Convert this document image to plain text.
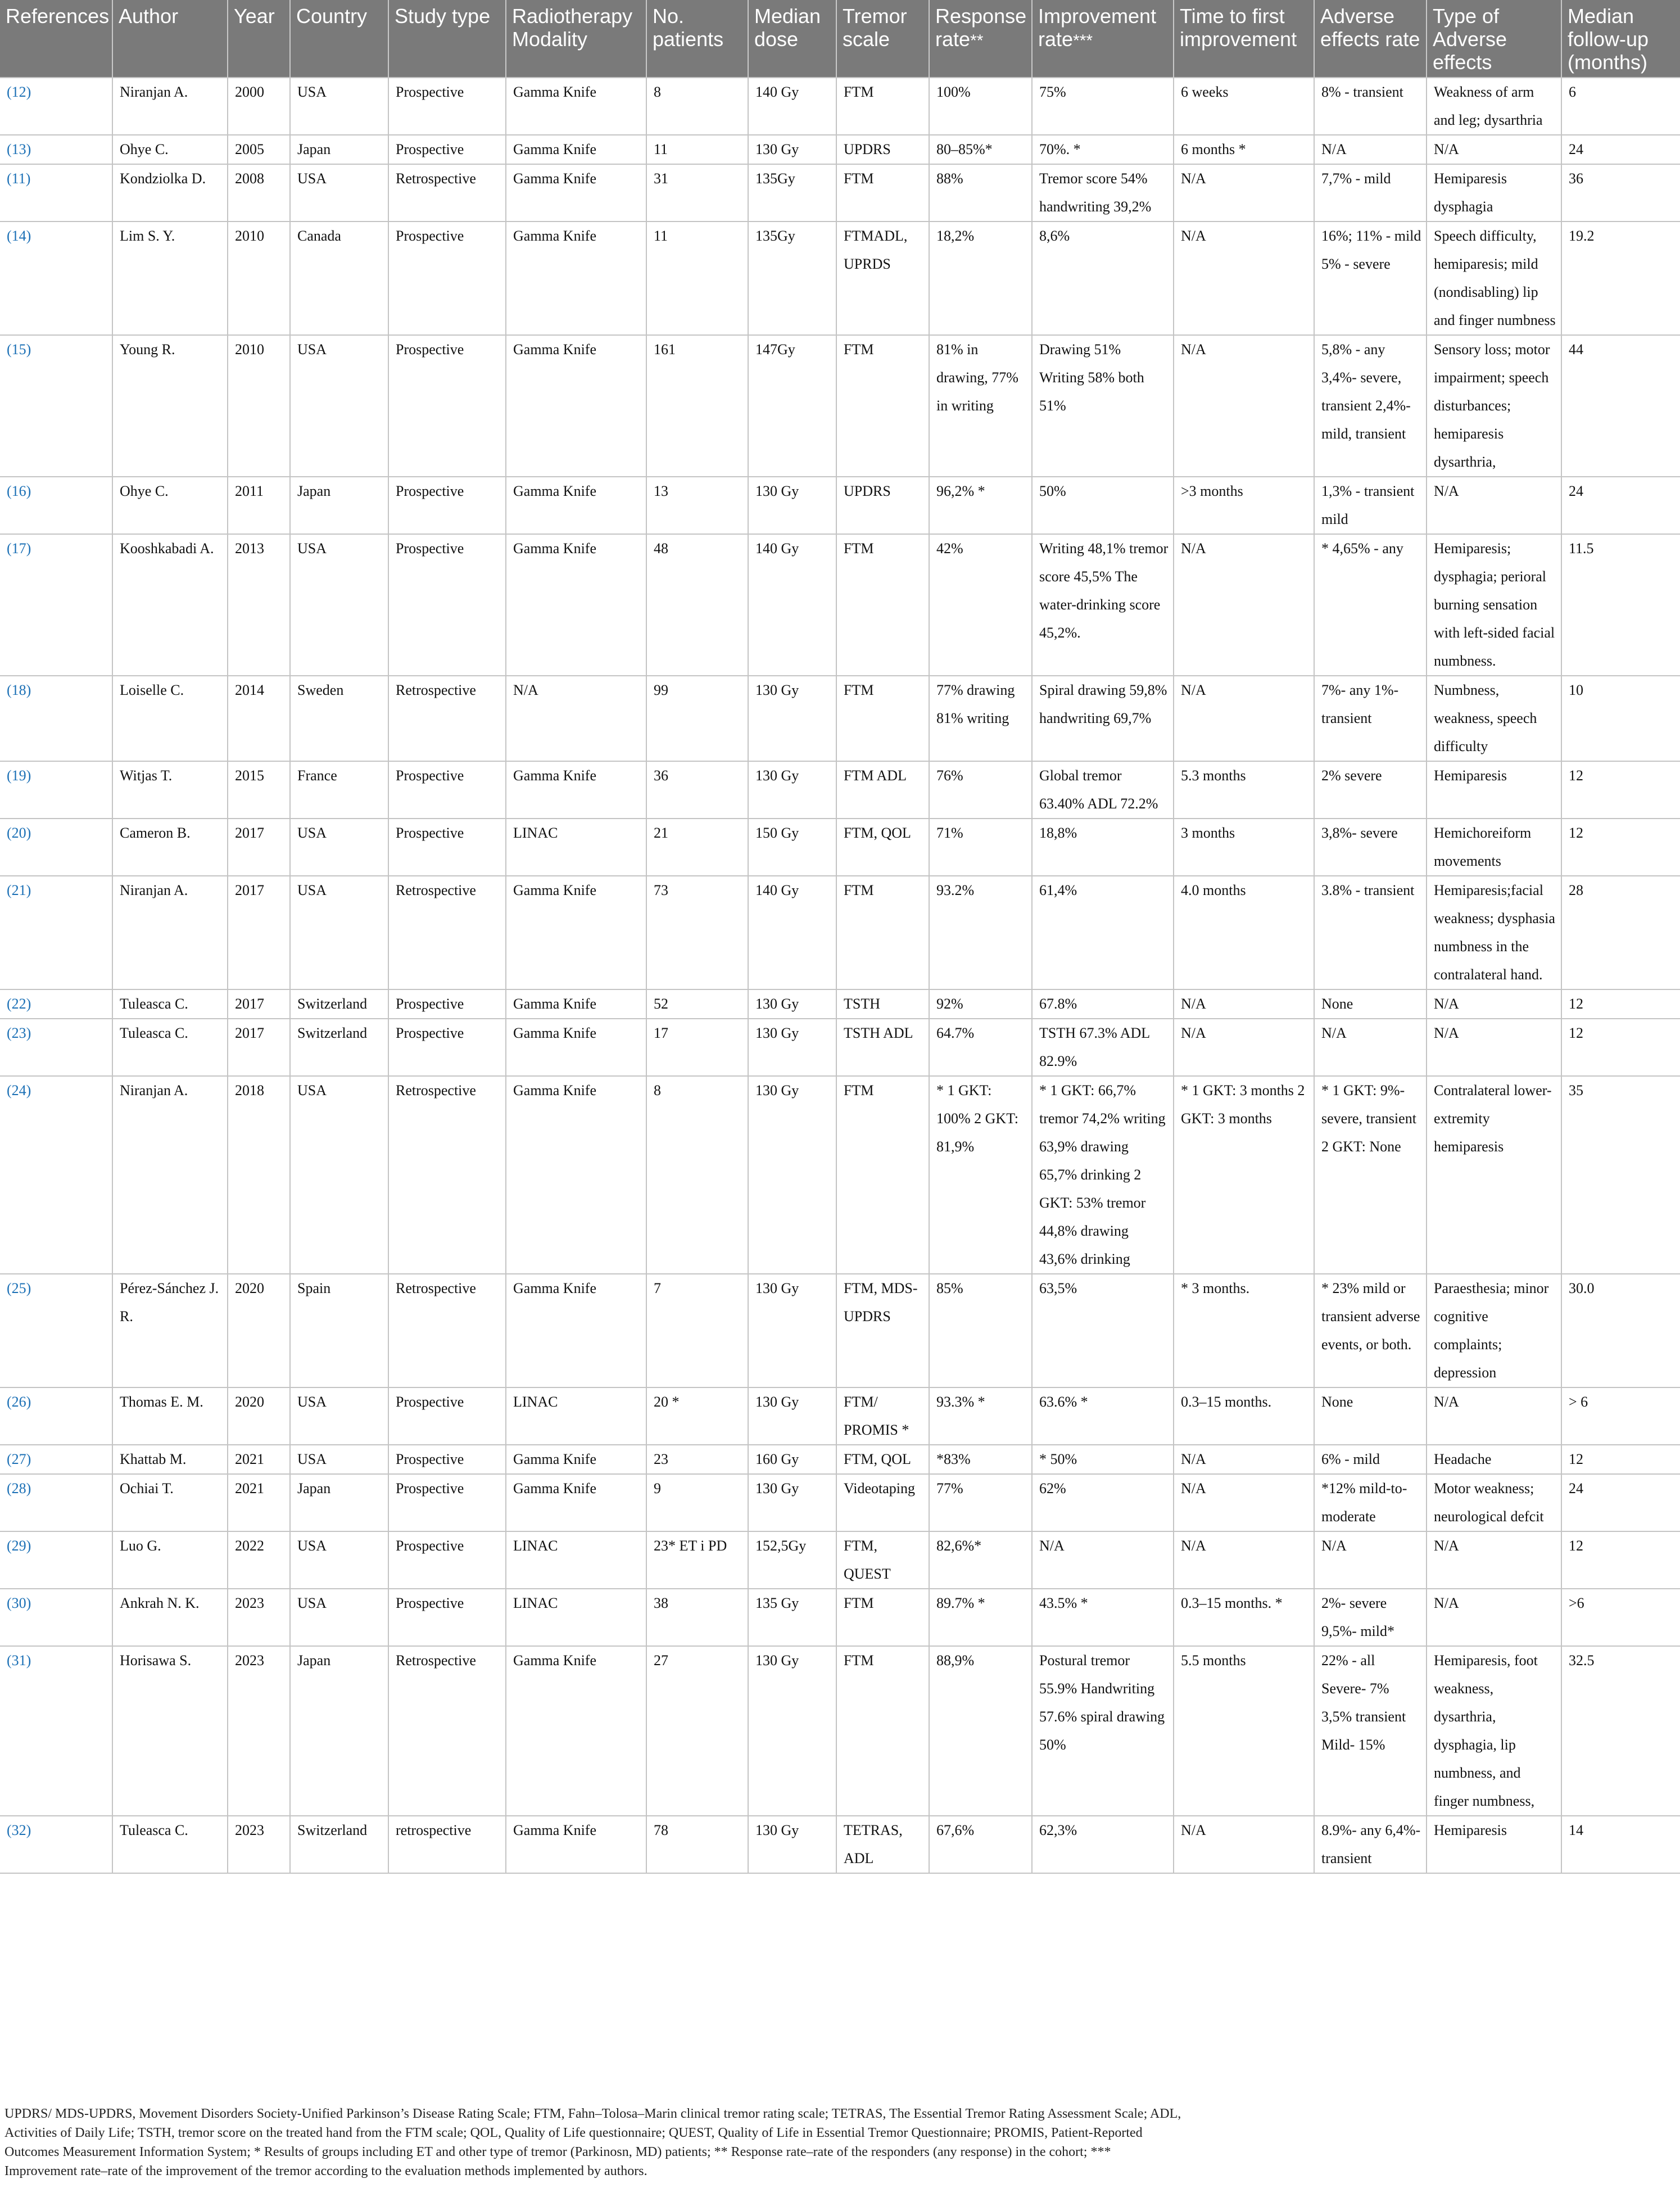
References	Author	Year	Country	Study type	Radiotherapy Modality	No. patients	Median dose	Tremor scale	Response rate**	Improvement rate***	Time to first improvement	Adverse effects rate	Type of Adverse effects	Median follow-up (months)
(12)	Niranjan A.	2000	USA	Prospective	Gamma Knife	8	140 Gy	FTM	100%	75%	6 weeks	8% - transient	Weakness of arm and leg; dysarthria	6
(13)	Ohye C.	2005	Japan	Prospective	Gamma Knife	11	130 Gy	UPDRS	80–85%*	70%. *	6 months *	N/A	N/A	24
(11)	Kondziolka D.	2008	USA	Retrospective	Gamma Knife	31	135Gy	FTM	88%	Tremor score 54% handwriting 39,2%	N/A	7,7% - mild	Hemiparesis dysphagia	36
(14)	Lim S. Y.	2010	Canada	Prospective	Gamma Knife	11	135Gy	FTMADL, UPRDS	18,2%	8,6%	N/A	16%; 11% - mild 5% - severe	Speech difficulty, hemiparesis; mild (nondisabling) lip and finger numbness	19.2
(15)	Young R.	2010	USA	Prospective	Gamma Knife	161	147Gy	FTM	81% in drawing, 77% in writing	Drawing 51% Writing 58% both 51%	N/A	5,8% - any 3,4%- severe, transient 2,4%- mild, transient	Sensory loss; motor impairment; speech disturbances; hemiparesis dysarthria,	44
(16)	Ohye C.	2011	Japan	Prospective	Gamma Knife	13	130 Gy	UPDRS	96,2% *	50%	>3 months	1,3% - transient mild	N/A	24
(17)	Kooshkabadi A.	2013	USA	Prospective	Gamma Knife	48	140 Gy	FTM	42%	Writing 48,1% tremor score 45,5% The water-drinking score 45,2%.	N/A	* 4,65% - any	Hemiparesis; dysphagia; perioral burning sensation with left-sided facial numbness.	11.5
(18)	Loiselle C.	2014	Sweden	Retrospective	N/A	99	130 Gy	FTM	77% drawing 81% writing	Spiral drawing 59,8% handwriting 69,7%	N/A	7%- any 1%- transient	Numbness, weakness, speech difficulty	10
(19)	Witjas T.	2015	France	Prospective	Gamma Knife	36	130 Gy	FTM ADL	76%	Global tremor 63.40% ADL 72.2%	5.3 months	2% severe	Hemiparesis	12
(20)	Cameron B.	2017	USA	Prospective	LINAC	21	150 Gy	FTM, QOL	71%	18,8%	3 months	3,8%- severe	Hemichoreiform movements	12
(21)	Niranjan A.	2017	USA	Retrospective	Gamma Knife	73	140 Gy	FTM	93.2%	61,4%	4.0 months	3.8% - transient	Hemiparesis;facial weakness; dysphasia numbness in the contralateral hand.	28
(22)	Tuleasca C.	2017	Switzerland	Prospective	Gamma Knife	52	130 Gy	TSTH	92%	67.8%	N/A	None	N/A	12
(23)	Tuleasca C.	2017	Switzerland	Prospective	Gamma Knife	17	130 Gy	TSTH ADL	64.7%	TSTH 67.3% ADL 82.9%	N/A	N/A	N/A	12
(24)	Niranjan A.	2018	USA	Retrospective	Gamma Knife	8	130 Gy	FTM	* 1 GKT: 100% 2 GKT: 81,9%	* 1 GKT: 66,7% tremor 74,2% writing 63,9% drawing 65,7% drinking 2 GKT: 53% tremor 44,8% drawing 43,6% drinking	* 1 GKT: 3 months 2 GKT: 3 months	* 1 GKT: 9%- severe, transient 2 GKT: None	Contralateral lower-extremity hemiparesis	35
(25)	Pérez-Sánchez J. R.	2020	Spain	Retrospective	Gamma Knife	7	130 Gy	FTM, MDS-UPDRS	85%	63,5%	* 3 months.	* 23% mild or transient adverse events, or both.	Paraesthesia; minor cognitive complaints; depression	30.0
(26)	Thomas E. M.	2020	USA	Prospective	LINAC	20 *	130 Gy	FTM/ PROMIS *	93.3% *	63.6% *	0.3–15 months.	None	N/A	> 6
(27)	Khattab M.	2021	USA	Prospective	Gamma Knife	23	160 Gy	FTM, QOL	*83%	* 50%	N/A	6% - mild	Headache	12
(28)	Ochiai T.	2021	Japan	Prospective	Gamma Knife	9	130 Gy	Videotaping	77%	62%	N/A	*12% mild-to-moderate	Motor weakness; neurological defcit	24
(29)	Luo G.	2022	USA	Prospective	LINAC	23* ET i PD	152,5Gy	FTM, QUEST	82,6%*	N/A	N/A	N/A	N/A	12
(30)	Ankrah N. K.	2023	USA	Prospective	LINAC	38	135 Gy	FTM	89.7% *	43.5% *	0.3–15 months. *	2%- severe 9,5%- mild*	N/A	>6
(31)	Horisawa S.	2023	Japan	Retrospective	Gamma Knife	27	130 Gy	FTM	88,9%	Postural tremor 55.9% Handwriting 57.6% spiral drawing 50%	5.5 months	22% - all Severe- 7% 3,5% transient Mild- 15%	Hemiparesis, foot weakness, dysarthria, dysphagia, lip numbness, and finger numbness,	32.5
(32)	Tuleasca C.	2023	Switzerland	retrospective	Gamma Knife	78	130 Gy	TETRAS, ADL	67,6%	62,3%	N/A	8.9%- any 6,4%- transient	Hemiparesis	14
UPDRS/ MDS-UPDRS, Movement Disorders Society-Unified Parkinson’s Disease Rating Scale; FTM, Fahn–Tolosa–Marin clinical tremor rating scale; TETRAS, The Essential Tremor Rating Assessment Scale; ADL, Activities of Daily Life; TSTH, tremor score on the treated hand from the FTM scale; QOL, Quality of Life questionnaire; QUEST, Quality of Life in Essential Tremor Questionnaire; PROMIS, Patient-Reported Outcomes Measurement Information System; * Results of groups including ET and other type of tremor (Parkinosn, MD) patients; ** Response rate–rate of the responders (any response) in the cohort; *** Improvement rate–rate of the improvement of the tremor according to the evaluation methods implemented by authors.
